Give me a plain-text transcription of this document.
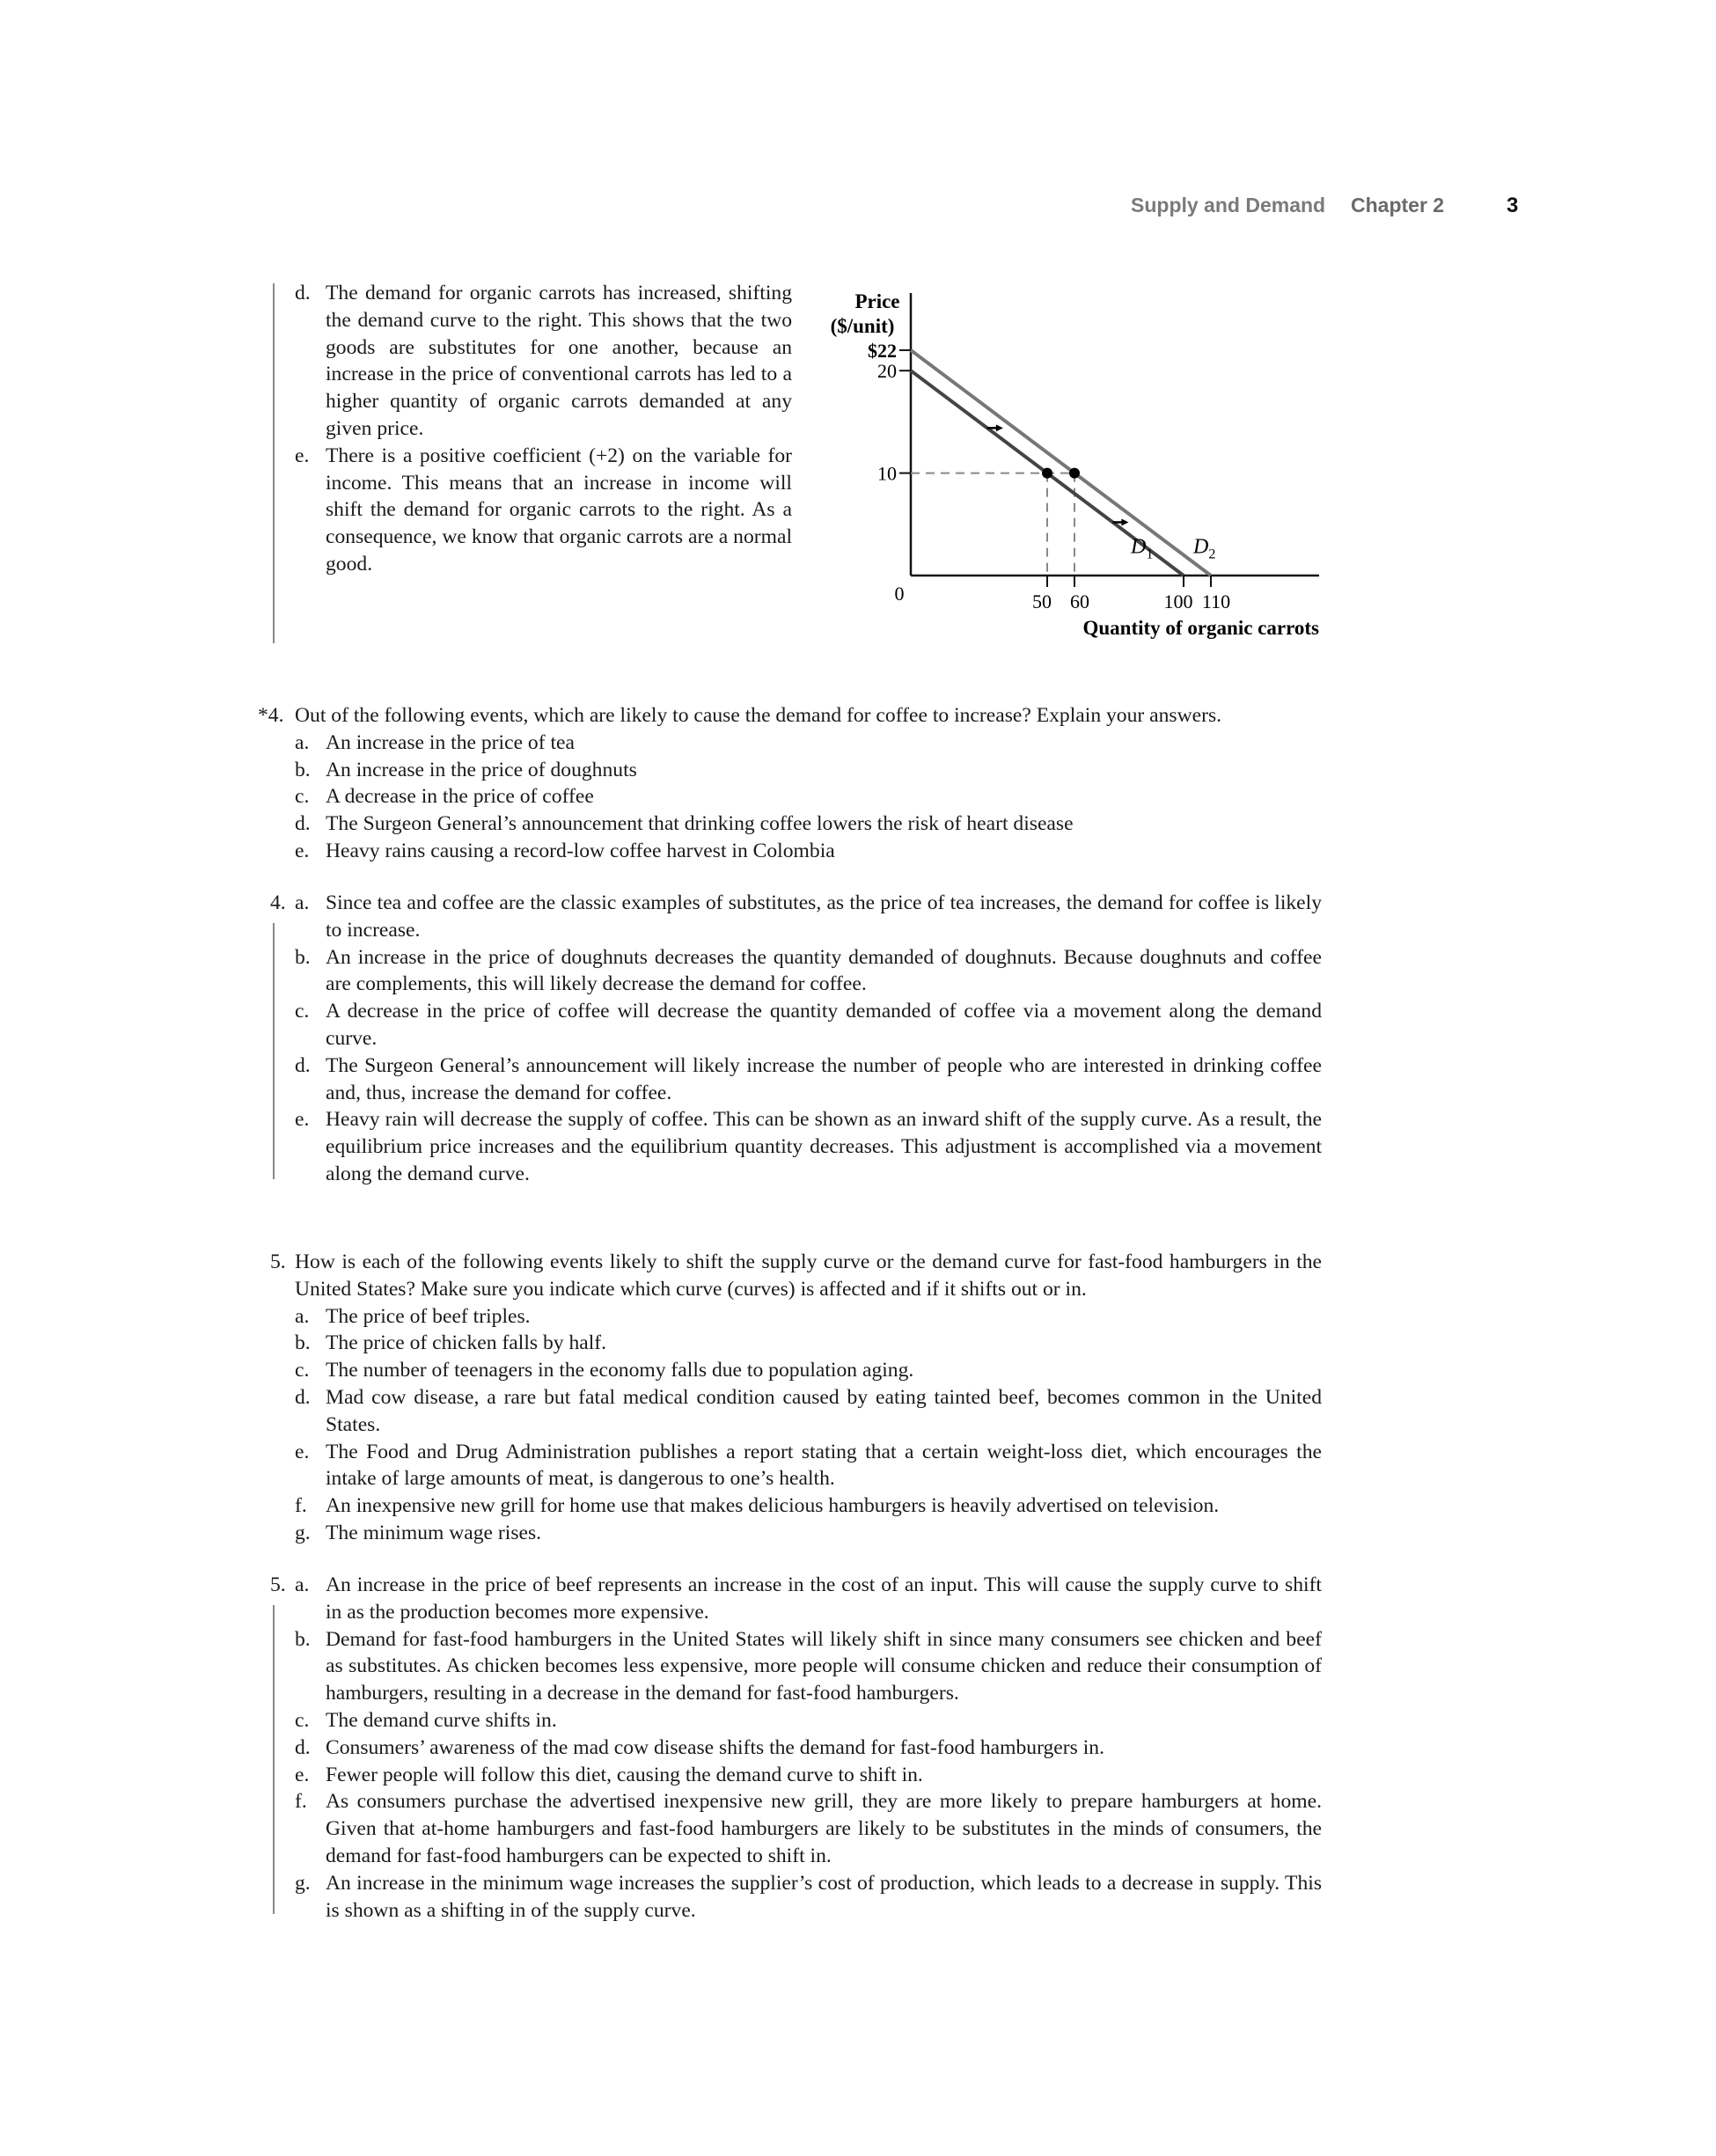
Supply and Demand Chapter 2	3
d. The demand for organic carrots has increased, shifting the demand curve to the right. This shows that the two goods are substitutes for one another, because an increase in the price of conventional carrots has led to a higher quantity of organic carrots demanded at any given price.
e. There is a positive coefficient (+2) on the variable for income. This means that an increase in income will shift the demand for organic carrots to the right. As a consequence, we know that organic carrots are a normal good.
Price
($/unit)
Quantity of organic carrots
0
$D_1$ $D_2$
$22
20
10
50 60	100 110
*4. Out of the following events, which are likely to cause the demand for coffee to increase? Explain your answers.
a. An increase in the price of tea
b. An increase in the price of doughnuts
c. A decrease in the price of coffee
d. The Surgeon General’s announcement that drinking coffee lowers the risk of heart disease
e. Heavy rains causing a record-low coffee harvest in Colombia
4. a. Since tea and coffee are the classic examples of substitutes, as the price of tea increases, the demand for coffee is likely to increase.
b. An increase in the price of doughnuts decreases the quantity demanded of doughnuts. Because doughnuts and coffee are complements, this will likely decrease the demand for coffee.
c. A decrease in the price of coffee will decrease the quantity demanded of coffee via a movement along the demand curve.
d. The Surgeon General’s announcement will likely increase the number of people who are interested in drinking coffee and, thus, increase the demand for coffee.
e. Heavy rain will decrease the supply of coffee. This can be shown as an inward shift of the supply curve. As a result, the equilibrium price increases and the equilibrium quantity decreases. This adjustment is accomplished via a movement along the demand curve.
5. How is each of the following events likely to shift the supply curve or the demand curve for fast-food hamburgers in the United States? Make sure you indicate which curve (curves) is affected and if it shifts out or in.
a. The price of beef triples.
b. The price of chicken falls by half.
c. The number of teenagers in the economy falls due to population aging.
d. Mad cow disease, a rare but fatal medical condition caused by eating tainted beef, becomes common in the United States.
e. The Food and Drug Administration publishes a report stating that a certain weight-loss diet, which encourages the intake of large amounts of meat, is dangerous to one’s health.
f. An inexpensive new grill for home use that makes delicious hamburgers is heavily advertised on television.
g. The minimum wage rises.
5. a. An increase in the price of beef represents an increase in the cost of an input. This will cause the supply curve to shift in as the production becomes more expensive.
b. Demand for fast-food hamburgers in the United States will likely shift in since many consumers see chicken and beef as substitutes. As chicken becomes less expensive, more people will consume chicken and reduce their consumption of hamburgers, resulting in a decrease in the demand for fast-food hamburgers.
c. The demand curve shifts in.
d. Consumers’ awareness of the mad cow disease shifts the demand for fast-food hamburgers in.
e. Fewer people will follow this diet, causing the demand curve to shift in.
f. As consumers purchase the advertised inexpensive new grill, they are more likely to prepare hamburgers at home. Given that at-home hamburgers and fast-food hamburgers are likely to be substitutes in the minds of consumers, the demand for fast-food hamburgers can be expected to shift in.
g. An increase in the minimum wage increases the supplier’s cost of production, which leads to a decrease in supply. This is shown as a shifting in of the supply curve.
